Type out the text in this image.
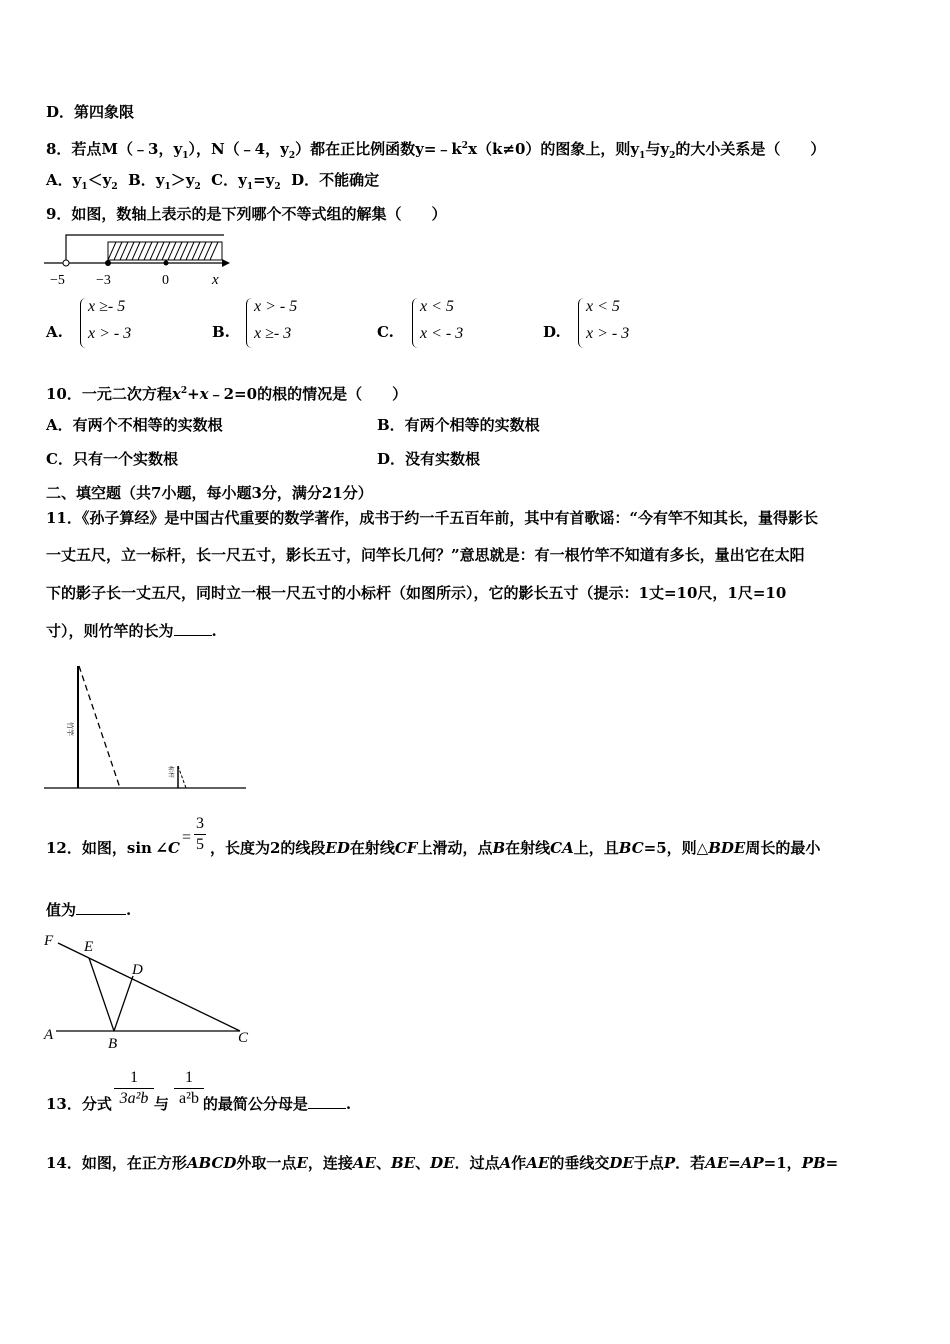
D．第四象限
8．若点M（﹣3，$y_1$），N（﹣4，$y_2$）都在正比例函数$y=﹣k^2x(k\ne 0)$的图象上，则$y_1$与$y_2$的大小关系是（　　）
A．$y_1<y_2$ B．$y_1>y_2$ C．$y_1=y_2$ D．不能确定
9．如图，数轴上表示的是下列哪个不等式组的解集（　　）
−5 −3	0	x
A.
x ≥- 5
x > - 3	B.
x > - 5
x ≥- 3	C.
x < 5
x < - 3	D.
x < 5
x > - 3
10．一元二次方程$x^2+x﹣2=0$的根的情况是（　　）
A．有两个不相等的实数根	B．有两个相等的实数根
C．只有一个实数根	D．没有实数根
二、填空题（共7小题，每小题3分，满分21分）
11．《孙子算经》是中国古代重要的数学著作，成书于约一千五百年前，其中有首歌谣：“今有竿不知其长，量得影长
一丈五尺，立一标杆，长一尺五寸，影长五寸，问竿长几何？”意思就是：有一根竹竿不知道有多长，量出它在太阳
下的影子长一丈五尺，同时立一根一尺五寸的小标杆（如图所示），它的影长五寸（提示：1丈=10尺，1尺=10
寸），则竹竿的长为	.
竹竿
标杆
12．如图，sin ∠C ，长度为2的线段ED在射线CF上滑动，点B在射线CA上，且BC=5，则△BDE周长的最小
=
3
5
值为	.
F E
D
A
B	C
13．分式	与 的最简公分母是	.
1
3a²b
1
a²b
14．如图，在正方形ABCD外取一点E，连接AE、BE、DE．过点A作AE的垂线交DE于点P．若AE=AP=1，PB=
